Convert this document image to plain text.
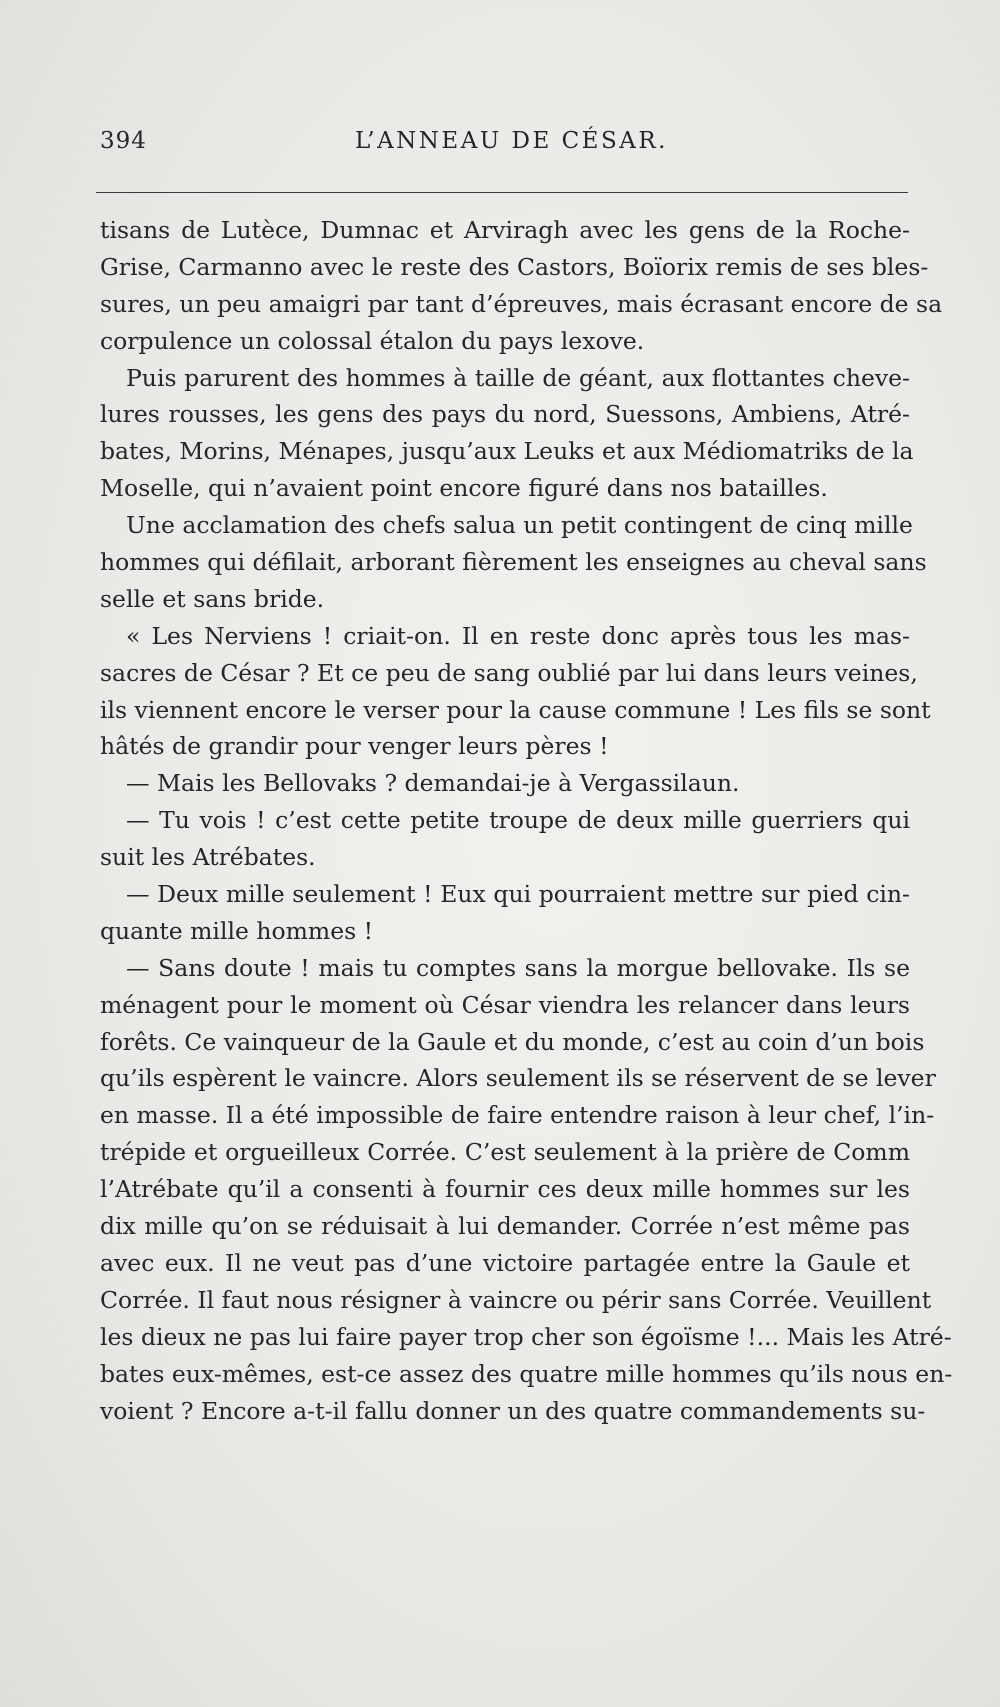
394	L’ANNEAU DE CÉSAR.
tisans de Lutèce, Dumnac et Arviragh avec les gens de la Roche-
Grise, Carmanno avec le reste des Castors, Boïorix remis de ses bles-
sures, un peu amaigri par tant d’épreuves, mais écrasant encore de sa
corpulence un colossal étalon du pays lexove.
Puis parurent des hommes à taille de géant, aux flottantes cheve-
lures rousses, les gens des pays du nord, Suessons, Ambiens, Atré-
bates, Morins, Ménapes, jusqu’aux Leuks et aux Médiomatriks de la
Moselle, qui n’avaient point encore figuré dans nos batailles.
Une acclamation des chefs salua un petit contingent de cinq mille
hommes qui défilait, arborant fièrement les enseignes au cheval sans
selle et sans bride.
« Les Nerviens ! criait-on. Il en reste donc après tous les mas-
sacres de César ? Et ce peu de sang oublié par lui dans leurs veines,
ils viennent encore le verser pour la cause commune ! Les fils se sont
hâtés de grandir pour venger leurs pères !
— Mais les Bellovaks ? demandai-je à Vergassilaun.
— Tu vois ! c’est cette petite troupe de deux mille guerriers qui
suit les Atrébates.
— Deux mille seulement ! Eux qui pourraient mettre sur pied cin-
quante mille hommes !
— Sans doute ! mais tu comptes sans la morgue bellovake. Ils se
ménagent pour le moment où César viendra les relancer dans leurs
forêts. Ce vainqueur de la Gaule et du monde, c’est au coin d’un bois
qu’ils espèrent le vaincre. Alors seulement ils se réservent de se lever
en masse. Il a été impossible de faire entendre raison à leur chef, l’in-
trépide et orgueilleux Corrée. C’est seulement à la prière de Comm
l’Atrébate qu’il a consenti à fournir ces deux mille hommes sur les
dix mille qu’on se réduisait à lui demander. Corrée n’est même pas
avec eux. Il ne veut pas d’une victoire partagée entre la Gaule et
Corrée. Il faut nous résigner à vaincre ou périr sans Corrée. Veuillent
les dieux ne pas lui faire payer trop cher son égoïsme !... Mais les Atré-
bates eux-mêmes, est-ce assez des quatre mille hommes qu’ils nous en-
voient ? Encore a-t-il fallu donner un des quatre commandements su-
